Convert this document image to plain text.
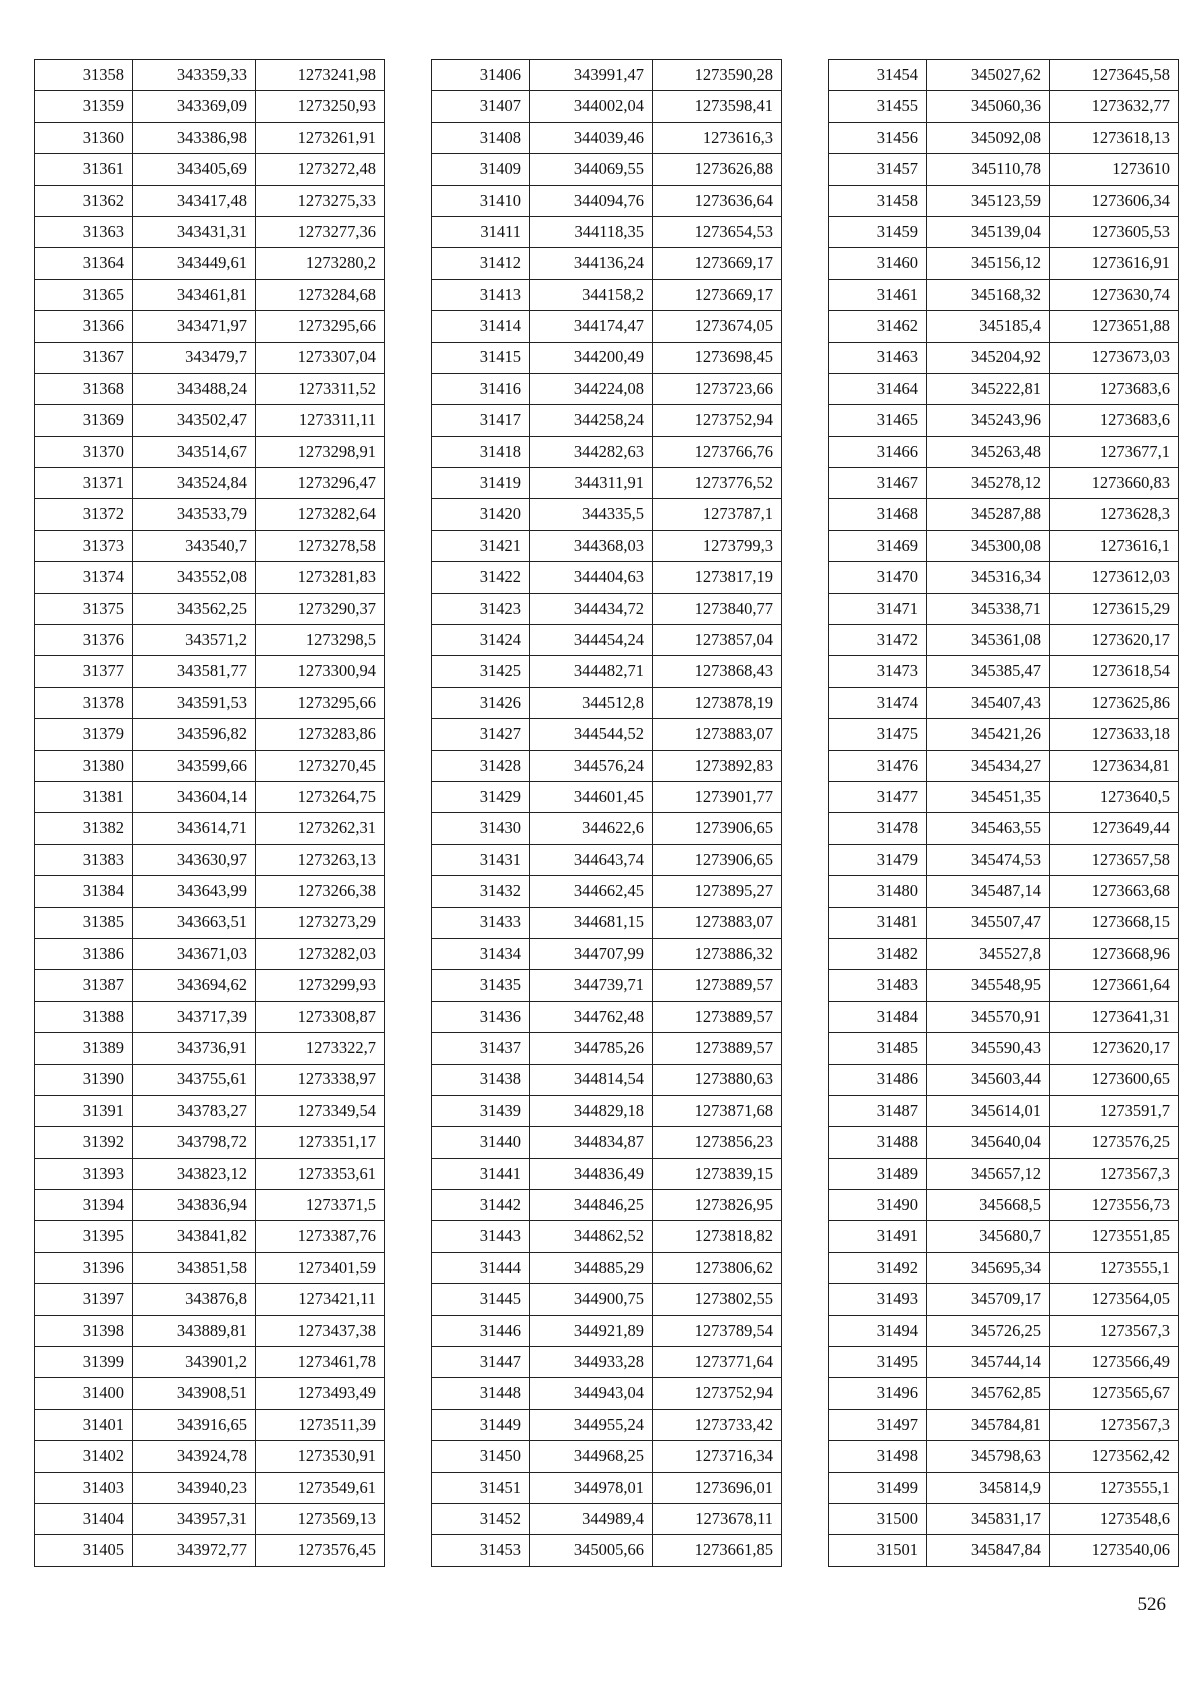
31358	343359,33	1273241,98
31359	343369,09	1273250,93
31360	343386,98	1273261,91
31361	343405,69	1273272,48
31362	343417,48	1273275,33
31363	343431,31	1273277,36
31364	343449,61	1273280,2
31365	343461,81	1273284,68
31366	343471,97	1273295,66
31367	343479,7	1273307,04
31368	343488,24	1273311,52
31369	343502,47	1273311,11
31370	343514,67	1273298,91
31371	343524,84	1273296,47
31372	343533,79	1273282,64
31373	343540,7	1273278,58
31374	343552,08	1273281,83
31375	343562,25	1273290,37
31376	343571,2	1273298,5
31377	343581,77	1273300,94
31378	343591,53	1273295,66
31379	343596,82	1273283,86
31380	343599,66	1273270,45
31381	343604,14	1273264,75
31382	343614,71	1273262,31
31383	343630,97	1273263,13
31384	343643,99	1273266,38
31385	343663,51	1273273,29
31386	343671,03	1273282,03
31387	343694,62	1273299,93
31388	343717,39	1273308,87
31389	343736,91	1273322,7
31390	343755,61	1273338,97
31391	343783,27	1273349,54
31392	343798,72	1273351,17
31393	343823,12	1273353,61
31394	343836,94	1273371,5
31395	343841,82	1273387,76
31396	343851,58	1273401,59
31397	343876,8	1273421,11
31398	343889,81	1273437,38
31399	343901,2	1273461,78
31400	343908,51	1273493,49
31401	343916,65	1273511,39
31402	343924,78	1273530,91
31403	343940,23	1273549,61
31404	343957,31	1273569,13
31405	343972,77	1273576,45
31406	343991,47	1273590,28
31407	344002,04	1273598,41
31408	344039,46	1273616,3
31409	344069,55	1273626,88
31410	344094,76	1273636,64
31411	344118,35	1273654,53
31412	344136,24	1273669,17
31413	344158,2	1273669,17
31414	344174,47	1273674,05
31415	344200,49	1273698,45
31416	344224,08	1273723,66
31417	344258,24	1273752,94
31418	344282,63	1273766,76
31419	344311,91	1273776,52
31420	344335,5	1273787,1
31421	344368,03	1273799,3
31422	344404,63	1273817,19
31423	344434,72	1273840,77
31424	344454,24	1273857,04
31425	344482,71	1273868,43
31426	344512,8	1273878,19
31427	344544,52	1273883,07
31428	344576,24	1273892,83
31429	344601,45	1273901,77
31430	344622,6	1273906,65
31431	344643,74	1273906,65
31432	344662,45	1273895,27
31433	344681,15	1273883,07
31434	344707,99	1273886,32
31435	344739,71	1273889,57
31436	344762,48	1273889,57
31437	344785,26	1273889,57
31438	344814,54	1273880,63
31439	344829,18	1273871,68
31440	344834,87	1273856,23
31441	344836,49	1273839,15
31442	344846,25	1273826,95
31443	344862,52	1273818,82
31444	344885,29	1273806,62
31445	344900,75	1273802,55
31446	344921,89	1273789,54
31447	344933,28	1273771,64
31448	344943,04	1273752,94
31449	344955,24	1273733,42
31450	344968,25	1273716,34
31451	344978,01	1273696,01
31452	344989,4	1273678,11
31453	345005,66	1273661,85
31454	345027,62	1273645,58
31455	345060,36	1273632,77
31456	345092,08	1273618,13
31457	345110,78	1273610
31458	345123,59	1273606,34
31459	345139,04	1273605,53
31460	345156,12	1273616,91
31461	345168,32	1273630,74
31462	345185,4	1273651,88
31463	345204,92	1273673,03
31464	345222,81	1273683,6
31465	345243,96	1273683,6
31466	345263,48	1273677,1
31467	345278,12	1273660,83
31468	345287,88	1273628,3
31469	345300,08	1273616,1
31470	345316,34	1273612,03
31471	345338,71	1273615,29
31472	345361,08	1273620,17
31473	345385,47	1273618,54
31474	345407,43	1273625,86
31475	345421,26	1273633,18
31476	345434,27	1273634,81
31477	345451,35	1273640,5
31478	345463,55	1273649,44
31479	345474,53	1273657,58
31480	345487,14	1273663,68
31481	345507,47	1273668,15
31482	345527,8	1273668,96
31483	345548,95	1273661,64
31484	345570,91	1273641,31
31485	345590,43	1273620,17
31486	345603,44	1273600,65
31487	345614,01	1273591,7
31488	345640,04	1273576,25
31489	345657,12	1273567,3
31490	345668,5	1273556,73
31491	345680,7	1273551,85
31492	345695,34	1273555,1
31493	345709,17	1273564,05
31494	345726,25	1273567,3
31495	345744,14	1273566,49
31496	345762,85	1273565,67
31497	345784,81	1273567,3
31498	345798,63	1273562,42
31499	345814,9	1273555,1
31500	345831,17	1273548,6
31501	345847,84	1273540,06
526
